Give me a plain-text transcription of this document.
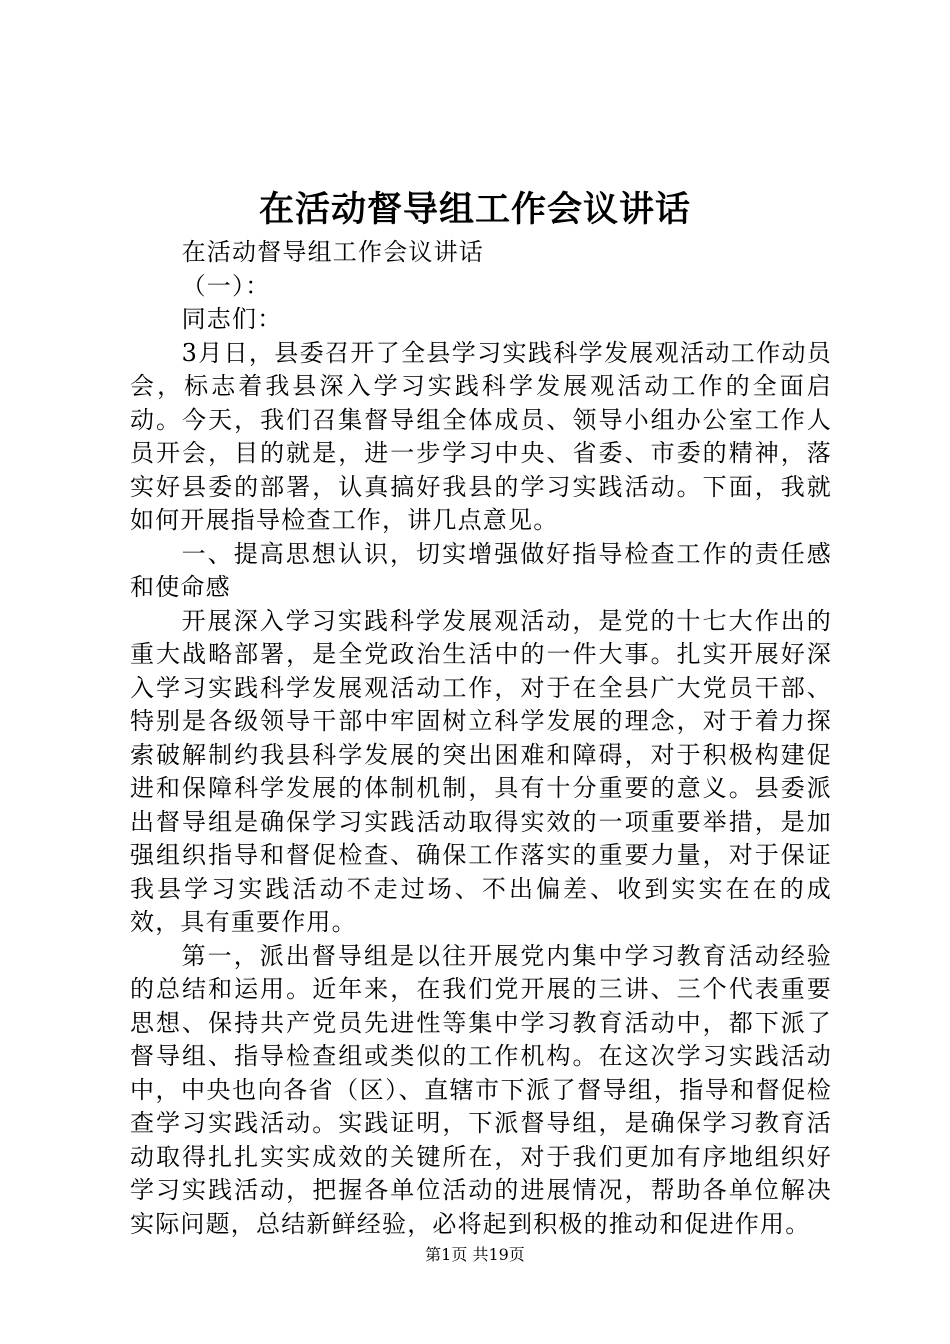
在活动督导组工作会议讲话

在活动督导组工作会议讲话

（一）：

同志们：

3月日，县委召开了全县学习实践科学发展观活动工作动员会，标志着我县深入学习实践科学发展观活动工作的全面启动。今天，我们召集督导组全体成员、领导小组办公室工作人员开会，目的就是，进一步学习中央、省委、市委的精神，落实好县委的部署，认真搞好我县的学习实践活动。下面，我就如何开展指导检查工作，讲几点意见。

一、提高思想认识，切实增强做好指导检查工作的责任感和使命感

开展深入学习实践科学发展观活动，是党的十七大作出的重大战略部署，是全党政治生活中的一件大事。扎实开展好深入学习实践科学发展观活动工作，对于在全县广大党员干部、特别是各级领导干部中牢固树立科学发展的理念，对于着力探索破解制约我县科学发展的突出困难和障碍，对于积极构建促进和保障科学发展的体制机制，具有十分重要的意义。县委派出督导组是确保学习实践活动取得实效的一项重要举措，是加强组织指导和督促检查、确保工作落实的重要力量，对于保证我县学习实践活动不走过场、不出偏差、收到实实在在的成效，具有重要作用。

第一，派出督导组是以往开展党内集中学习教育活动经验的总结和运用。近年来，在我们党开展的三讲、三个代表重要思想、保持共产党员先进性等集中学习教育活动中，都下派了督导组、指导检查组或类似的工作机构。在这次学习实践活动中，中央也向各省（区）、直辖市下派了督导组，指导和督促检查学习实践活动。实践证明，下派督导组，是确保学习教育活动取得扎扎实实成效的关键所在，对于我们更加有序地组织好学习实践活动，把握各单位活动的进展情况，帮助各单位解决实际问题，总结新鲜经验，必将起到积极的推动和促进作用。

第1页 共19页
